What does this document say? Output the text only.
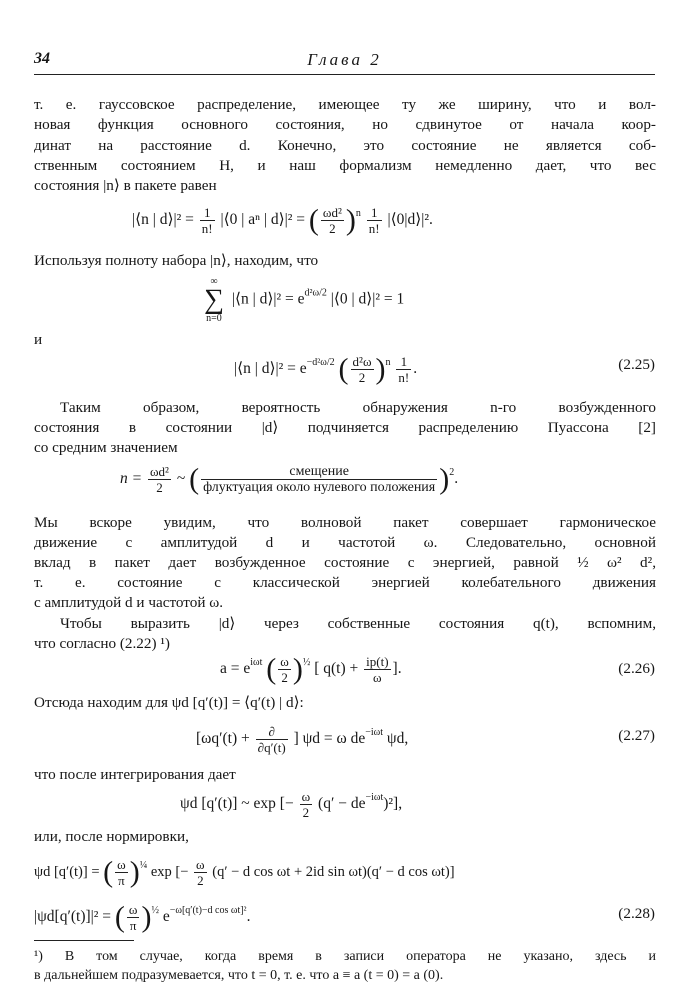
34	Глава 2
т. е. гауссовское распределение, имеющее ту же ширину, что и вол-
новая функция основного состояния, но сдвинутое от начала коор-
динат на расстояние d. Конечно, это состояние не является соб-
ственным состоянием H, и наш формализм немедленно дает, что вес
состояния |n⟩ в пакете равен
|⟨n | d⟩|² = $\frac{1}{n!}$ |⟨0 | aⁿ | d⟩|² = ( $\frac{\text{ωd²}}{2} )^n \frac{1}{n!}$ |⟨0|d⟩|².
Используя полноту набора |n⟩, находим, что
∞
∑
n=0
|⟨n | d⟩|² = $e^{d^2\omega/2}$ |⟨0 | d⟩|² = 1
и
|⟨n | d⟩|² = $e^{-d^2\omega/2}$ ( $\frac{\text{d²ω}}{2} )^n \frac{1}{n!}$ .	(2.25)
Таким образом, вероятность обнаружения n-го возбужденного
состояния в состоянии |d⟩ подчиняется распределению Пуассона [2]
со средним значением
$n = \frac{\text{ωd²}}{2}$ ~ (	смещение
флуктуация около нулевого положения )$^2$.
Мы вскоре увидим, что волновой пакет совершает гармоническое
движение с амплитудой d и частотой ω. Следовательно, основной
вклад в пакет дает возбужденное состояние с энергией, равной ½ ω² d²,
т. е. состояние с классической энергией колебательного движения
с амплитудой d и частотой ω.
Чтобы выразить |d⟩ через собственные состояния q(t), вспомним,
что согласно (2.22) ¹)
$a = e^{i\omega t}$ ( $\frac{\omega}{2} )^{\frac{1}{2}}$ [ $q(t) + \frac{ip(t)}{\omega}$ ].	(2.26)
Отсюда находим для ψd [q′(t)] = ⟨q′(t) | d⟩:
[ωq′(t) +	∂
∂q′(t)
] ψd = ω $de^{-i\omega t}$ ψd,	(2.27)
что после интегрирования дает
ψd [q′(t)] ~ exp [− $\frac{\omega}{2} (q' - de^{-i\omega t})^2$],
или, после нормировки,
ψd [q′(t)] = ( $\frac{\omega}{\pi} )^{\frac{1}{4}}$ exp [− $\frac{\omega}{2} (q' - d$ cos ωt + 2id sin ωt)(q′ − d cos ωt)]
|ψd[q′(t)]|² = ( $\frac{\omega}{\pi} )^{\frac{1}{2}}$ $e^{-\omega[q'(t)-d cos \omega t]^2}$.	(2.28)
¹) В том случае, когда время в записи оператора не указано, здесь и
в дальнейшем подразумевается, что t = 0, т. е. что a ≡ a (t = 0) = a (0).
